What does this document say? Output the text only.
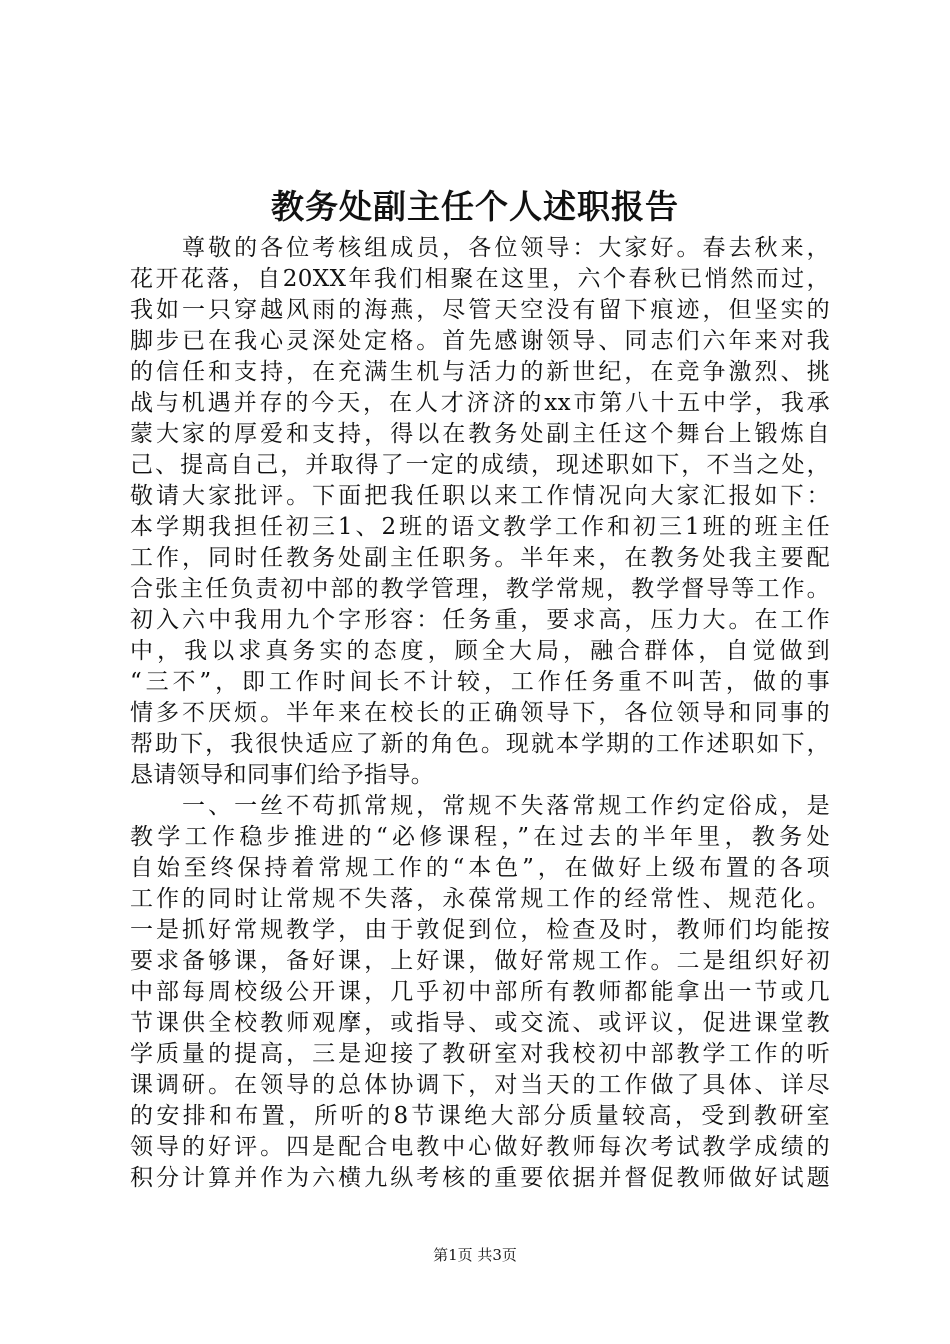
教务处副主任个人述职报告
　　尊敬的各位考核组成员，各位领导：大家好。春去秋来，
花开花落，自20XX年我们相聚在这里，六个春秋已悄然而过，
我如一只穿越风雨的海燕，尽管天空没有留下痕迹，但坚实的
脚步已在我心灵深处定格。首先感谢领导、同志们六年来对我
的信任和支持，在充满生机与活力的新世纪，在竞争激烈、挑
战与机遇并存的今天，在人才济济的xx市第八十五中学，我承
蒙大家的厚爱和支持，得以在教务处副主任这个舞台上锻炼自
己、提高自己，并取得了一定的成绩，现述职如下，不当之处，
敬请大家批评。下面把我任职以来工作情况向大家汇报如下：
本学期我担任初三1、2班的语文教学工作和初三1班的班主任
工作，同时任教务处副主任职务。半年来，在教务处我主要配
合张主任负责初中部的教学管理，教学常规，教学督导等工作。
初入六中我用九个字形容：任务重，要求高，压力大。在工作
中，我以求真务实的态度，顾全大局，融合群体，自觉做到
“三不”，即工作时间长不计较，工作任务重不叫苦，做的事
情多不厌烦。半年来在校长的正确领导下，各位领导和同事的
帮助下，我很快适应了新的角色。现就本学期的工作述职如下，
恳请领导和同事们给予指导。
　　一、一丝不苟抓常规，常规不失落常规工作约定俗成，是
教学工作稳步推进的“必修课程，”在过去的半年里，教务处
自始至终保持着常规工作的“本色”，在做好上级布置的各项
工作的同时让常规不失落，永葆常规工作的经常性、规范化。
一是抓好常规教学，由于敦促到位，检查及时，教师们均能按
要求备够课，备好课，上好课，做好常规工作。二是组织好初
中部每周校级公开课，几乎初中部所有教师都能拿出一节或几
节课供全校教师观摩，或指导、或交流、或评议，促进课堂教
学质量的提高，三是迎接了教研室对我校初中部教学工作的听
课调研。在领导的总体协调下，对当天的工作做了具体、详尽
的安排和布置，所听的8节课绝大部分质量较高，受到教研室
领导的好评。四是配合电教中心做好教师每次考试教学成绩的
积分计算并作为六横九纵考核的重要依据并督促教师做好试题
第1页 共3页
